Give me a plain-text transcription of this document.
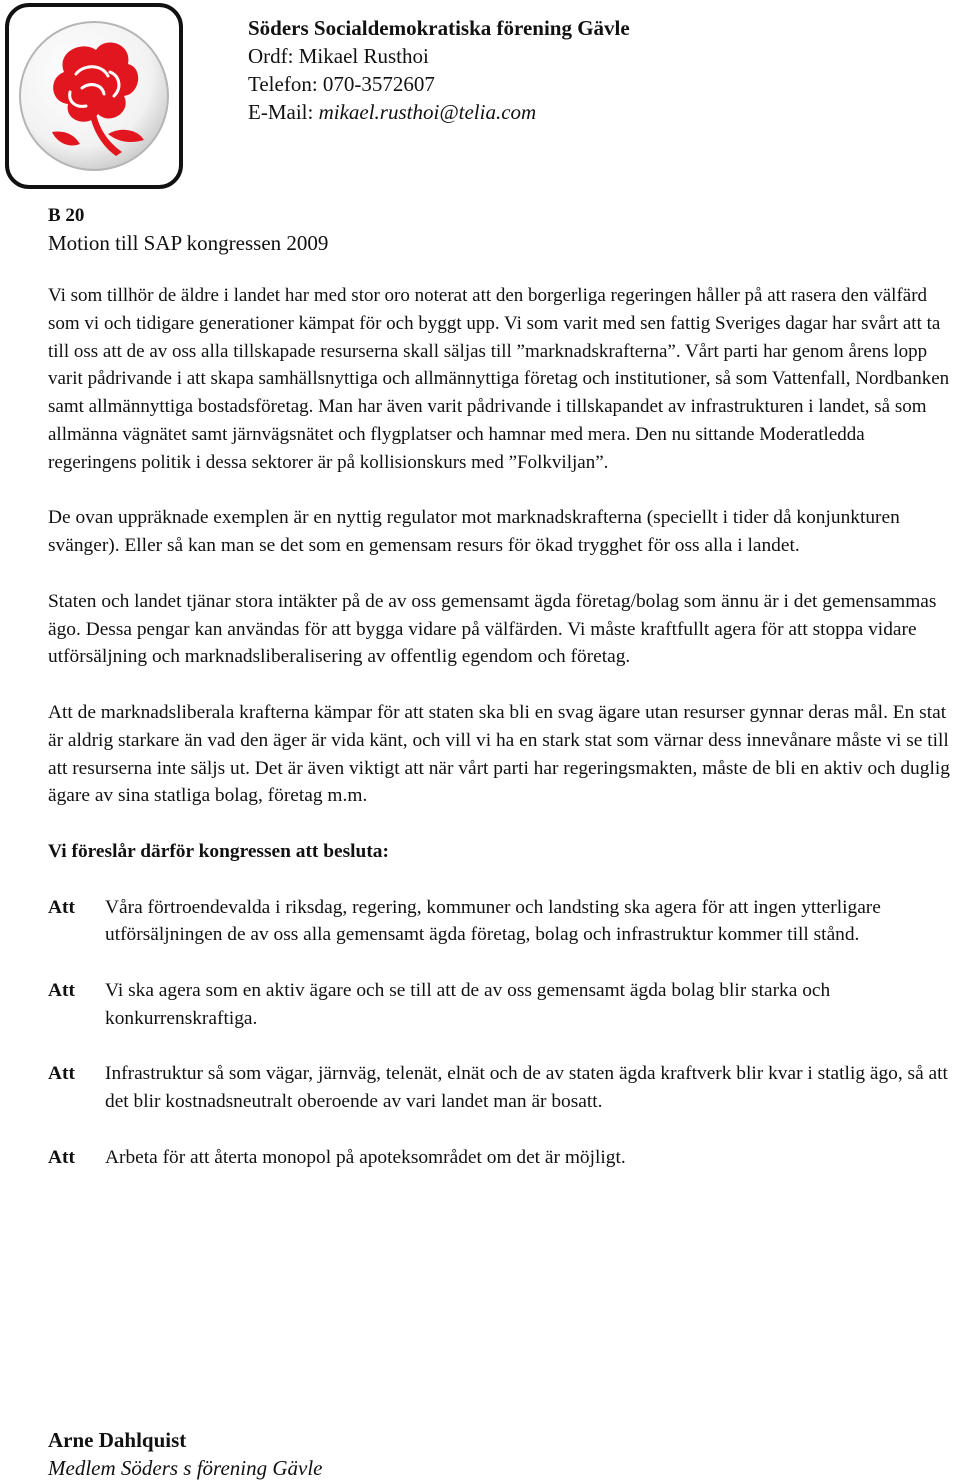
Söders Socialdemokratiska förening Gävle
Ordf: Mikael Rusthoi
Telefon: 070-3572607
E-Mail: mikael.rusthoi@telia.com
B 20
Motion till SAP kongressen 2009

Vi som tillhör de äldre i landet har med stor oro noterat att den borgerliga regeringen håller på att rasera den välfärd som vi och tidigare generationer kämpat för och byggt upp. Vi som varit med sen fattig Sveriges dagar har svårt att ta till oss att de av oss alla tillskapade resurserna skall säljas till ”marknadskrafterna”. Vårt parti har genom årens lopp varit pådrivande i att skapa samhällsnyttiga och allmännyttiga företag och institutioner, så som Vattenfall, Nordbanken samt allmännyttiga bostadsföretag. Man har även varit pådrivande i tillskapandet av infrastrukturen i landet, så som allmänna vägnätet samt järnvägsnätet och flygplatser och hamnar med mera. Den nu sittande Moderatledda regeringens politik i dessa sektorer är på kollisionskurs med ”Folkviljan”.

De ovan uppräknade exemplen är en nyttig regulator mot marknadskrafterna (speciellt i tider då konjunkturen svänger). Eller så kan man se det som en gemensam resurs för ökad trygghet för oss alla i landet.

Staten och landet tjänar stora intäkter på de av oss gemensamt ägda företag/bolag som ännu är i det gemensammas ägo. Dessa pengar kan användas för att bygga vidare på välfärden. Vi måste kraftfullt agera för att stoppa vidare utförsäljning och marknadsliberalisering av offentlig egendom och företag.

Att de marknadsliberala krafterna kämpar för att staten ska bli en svag ägare utan resurser gynnar deras mål. En stat är aldrig starkare än vad den äger är vida känt, och vill vi ha en stark stat som värnar dess innevånare måste vi se till att resurserna inte säljs ut. Det är även viktigt att när vårt parti har regeringsmakten, måste de bli en aktiv och duglig ägare av sina statliga bolag, företag m.m.

Vi föreslår därför kongressen att besluta:
Att	Våra förtroendevalda i riksdag, regering, kommuner och landsting ska agera för att ingen ytterligare utförsäljningen de av oss alla gemensamt ägda företag, bolag och infrastruktur kommer till stånd.
Att	Vi ska agera som en aktiv ägare och se till att de av oss gemensamt ägda bolag blir starka och konkurrenskraftiga.
Att	Infrastruktur så som vägar, järnväg, telenät, elnät och de av staten ägda kraftverk blir kvar i statlig ägo, så att det blir kostnadsneutralt oberoende av vari landet man är bosatt.
Att	Arbeta för att återta monopol på apoteksområdet om det är möjligt.
Arne Dahlquist
Medlem Söders s förening Gävle
